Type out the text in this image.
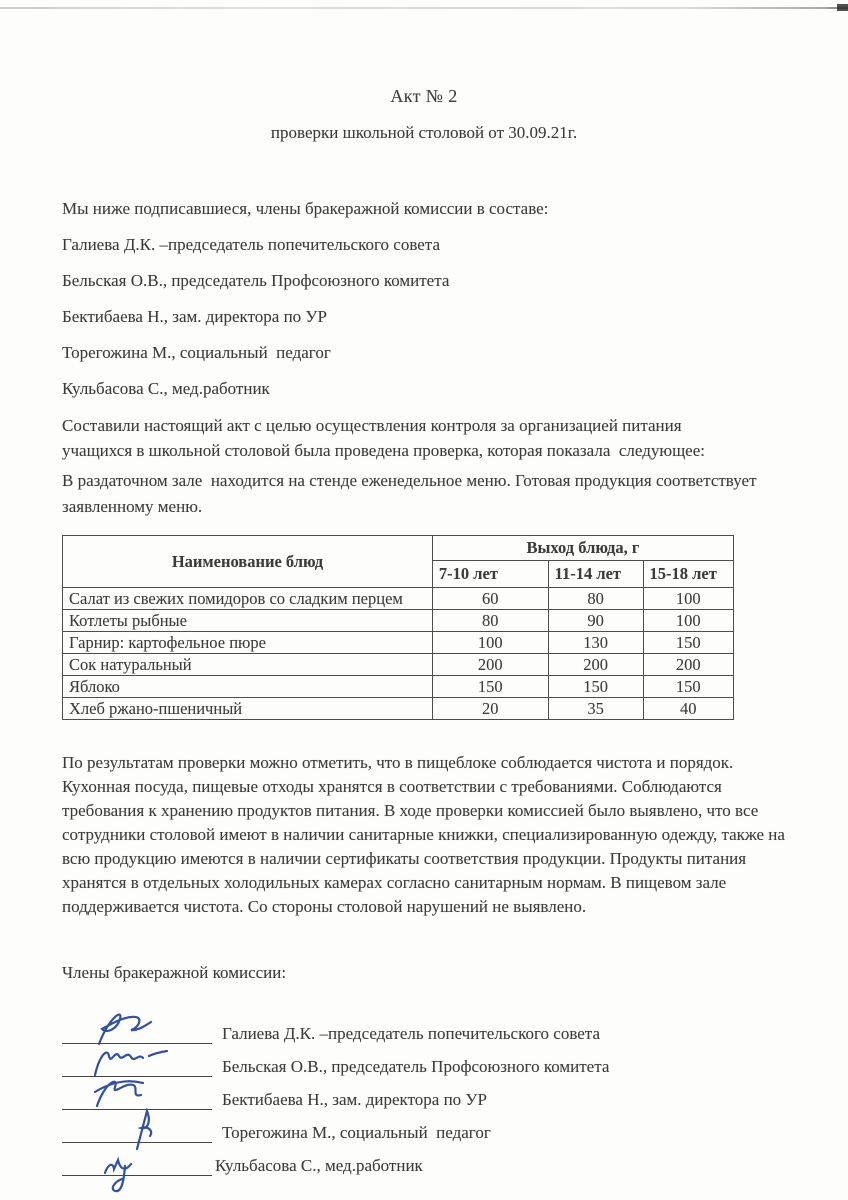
Акт № 2
проверки школьной столовой от 30.09.21г.

Мы ниже подписавшиеся, члены бракеражной комиссии в составе:

Галиева Д.К. –председатель попечительского совета

Бельская О.В., председатель Профсоюзного комитета

Бектибаева Н., зам. директора по УР

Торегожина М., социальный  педагог

Кульбасова С., мед.работник

Составили настоящий акт с целью осуществления контроля за организацией питания
учащихся в школьной столовой была проведена проверка, которая показала  следующее:
В раздаточном зале  находится на стенде еженедельное меню. Готовая продукция соответствует
заявленному меню.
Наименование блюд	Выход блюда, г		
	7-10 лет	11-14 лет	15-18 лет
Салат из свежих помидоров со сладким перцем	60	80	100
Котлеты рыбные	80	90	100
Гарнир: картофельное пюре	100	130	150
Сок натуральный	200	200	200
Яблоко	150	150	150
Хлеб ржано-пшеничный	20	35	40
По результатам проверки можно отметить, что в пищеблоке соблюдается чистота и порядок.
Кухонная посуда, пищевые отходы хранятся в соответствии с требованиями. Соблюдаются
требования к хранению продуктов питания. В ходе проверки комиссией было выявлено, что все
сотрудники столовой имеют в наличии санитарные книжки, специализированную одежду, также на
всю продукцию имеются в наличии сертификаты соответствия продукции. Продукты питания
хранятся в отдельных холодильных камерах согласно санитарным нормам. В пищевом зале
поддерживается чистота. Со стороны столовой нарушений не выявлено.

Члены бракеражной комиссии:

Галиева Д.К. –председатель попечительского совета
Бельская О.В., председатель Профсоюзного комитета
Бектибаева Н., зам. директора по УР
Торегожина М., социальный  педагог
Кульбасова С., мед.работник
